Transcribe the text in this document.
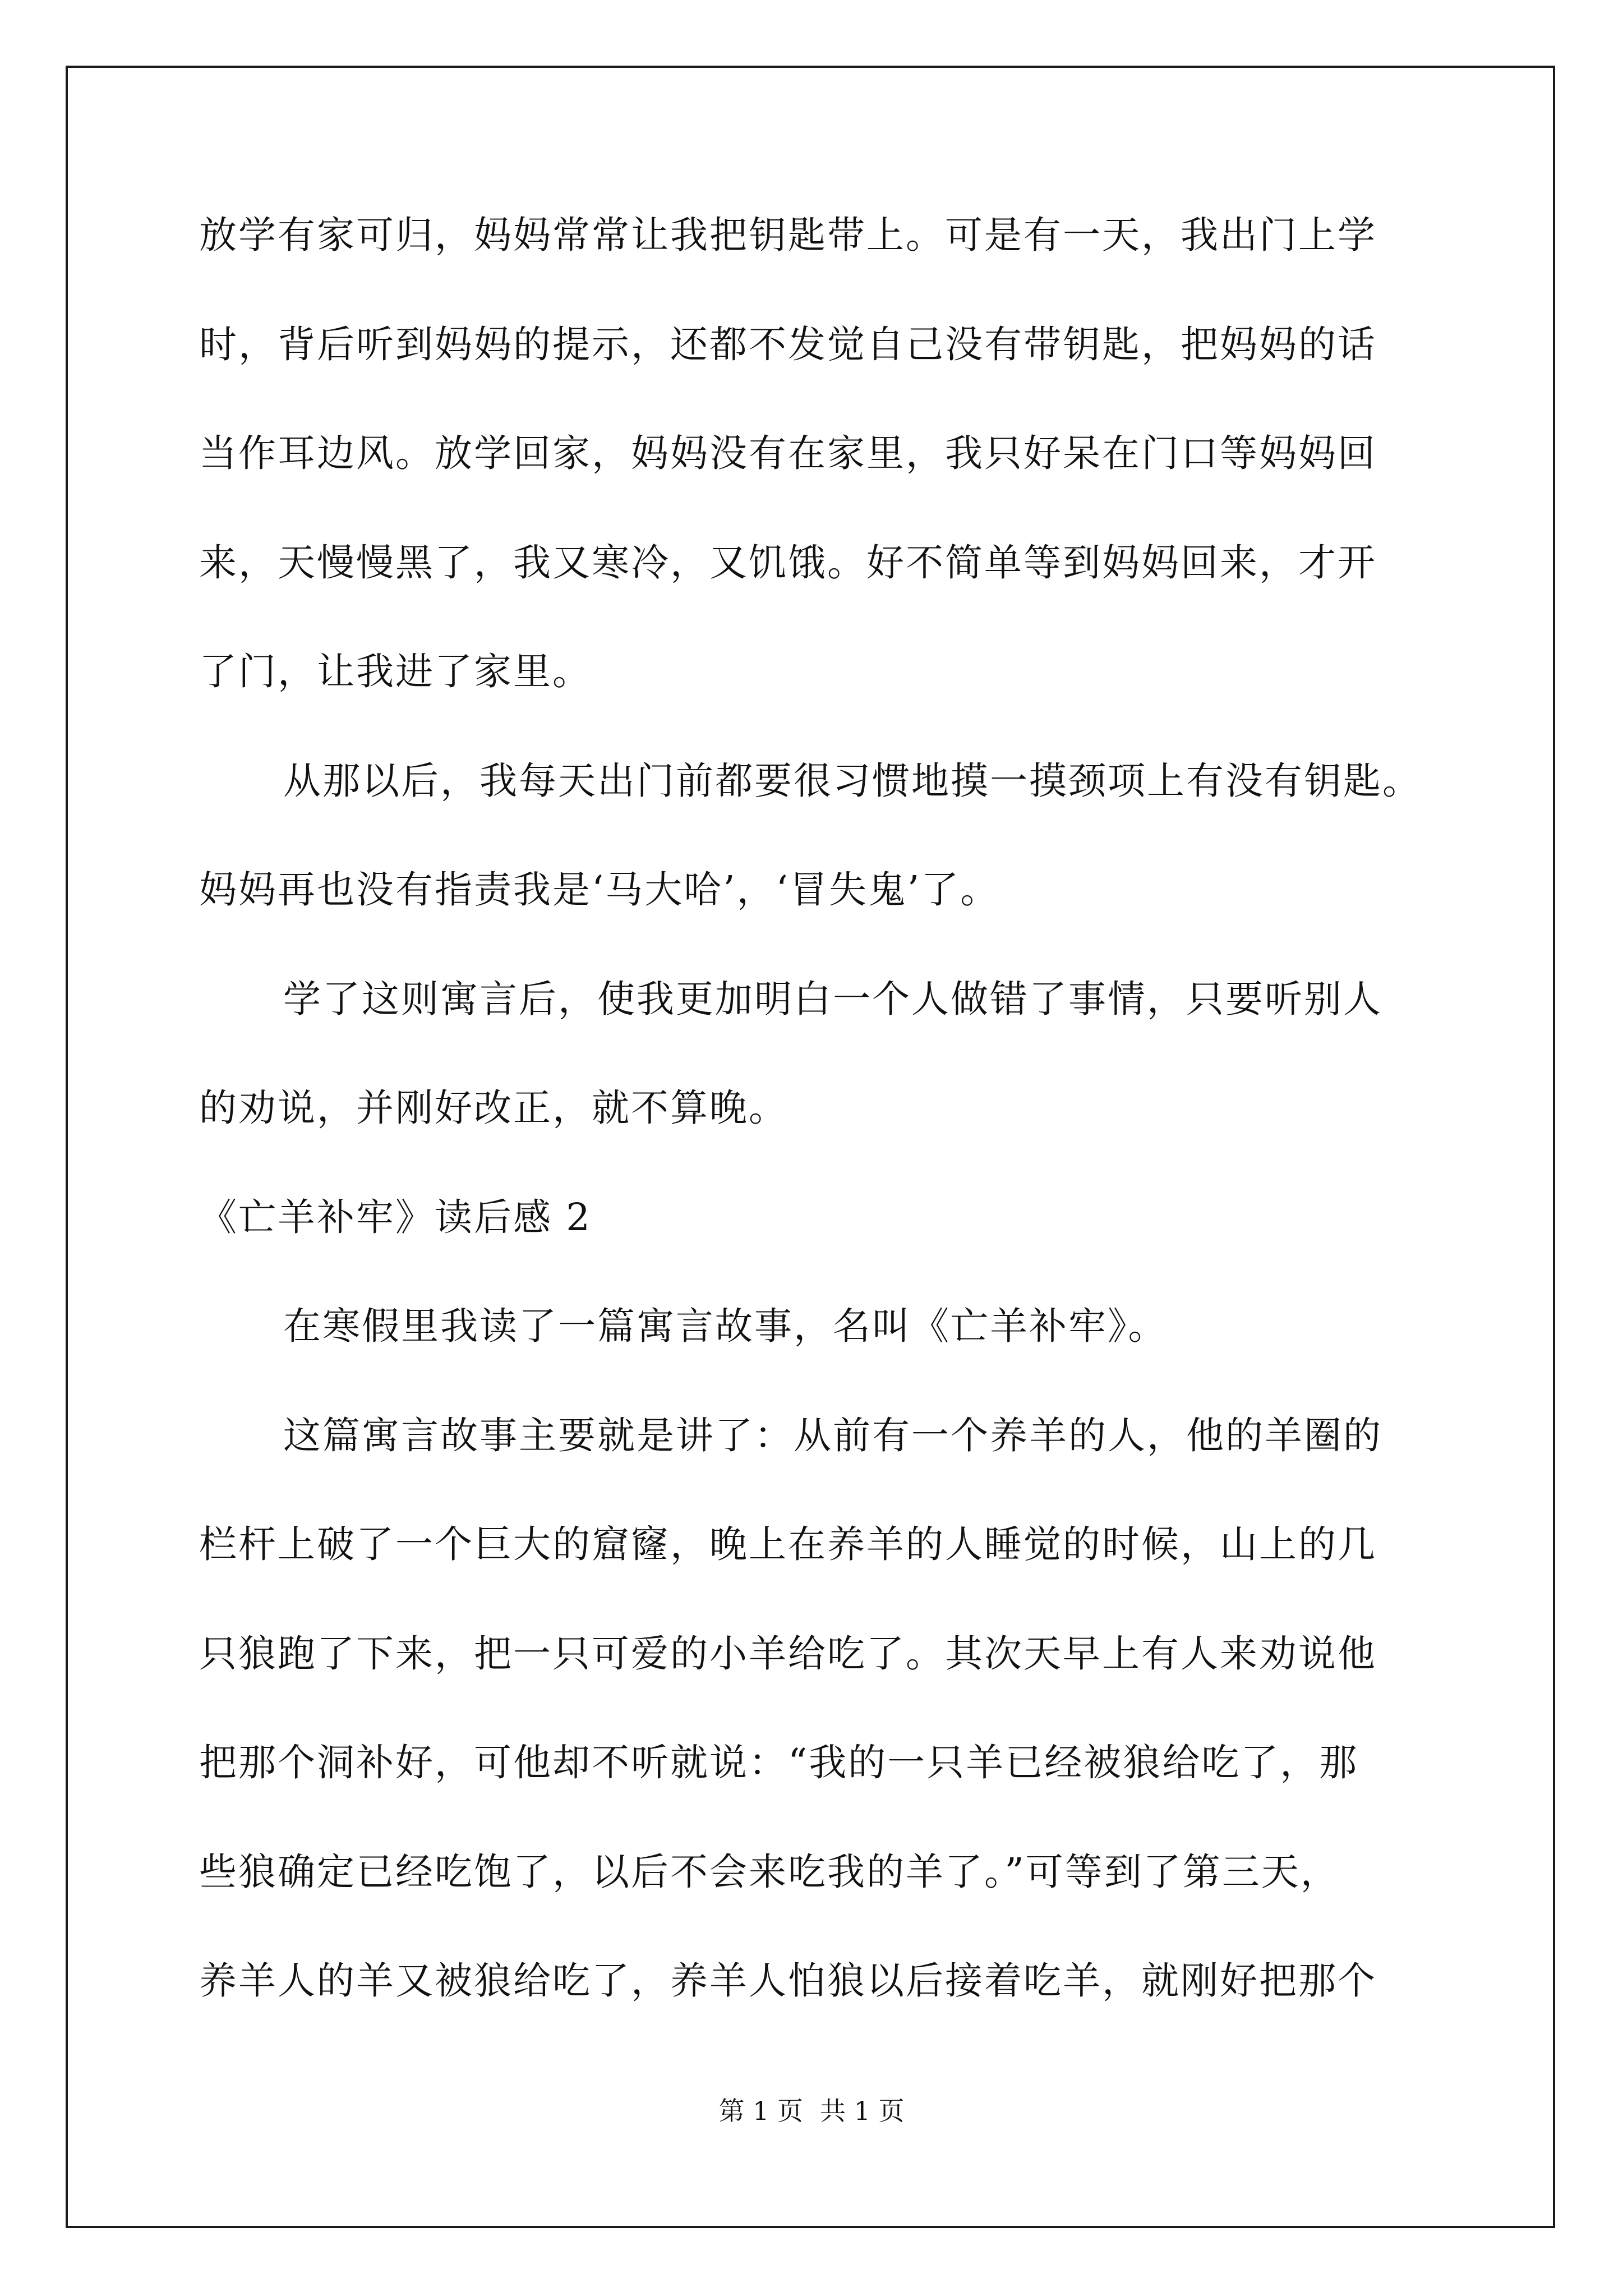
放学有家可归，妈妈常常让我把钥匙带上。可是有一天，我出门上学
时，背后听到妈妈的提示，还都不发觉自己没有带钥匙，把妈妈的话
当作耳边风。放学回家，妈妈没有在家里，我只好呆在门口等妈妈回
来，天慢慢黑了，我又寒冷，又饥饿。好不简单等到妈妈回来，才开
了门，让我进了家里。
从那以后，我每天出门前都要很习惯地摸一摸颈项上有没有钥匙。
妈妈再也没有指责我是‘马大哈’，‘冒失鬼’了。
学了这则寓言后，使我更加明白一个人做错了事情，只要听别人
的劝说，并刚好改正，就不算晚。
《亡羊补牢》读后感 2
在寒假里我读了一篇寓言故事，名叫《亡羊补牢》。
这篇寓言故事主要就是讲了：从前有一个养羊的人，他的羊圈的
栏杆上破了一个巨大的窟窿，晚上在养羊的人睡觉的时候，山上的几
只狼跑了下来，把一只可爱的小羊给吃了。其次天早上有人来劝说他
把那个洞补好，可他却不听就说：“我的一只羊已经被狼给吃了，那
些狼确定已经吃饱了，以后不会来吃我的羊了。”可等到了第三天，
养羊人的羊又被狼给吃了，养羊人怕狼以后接着吃羊，就刚好把那个
第 1 页 共 1 页
